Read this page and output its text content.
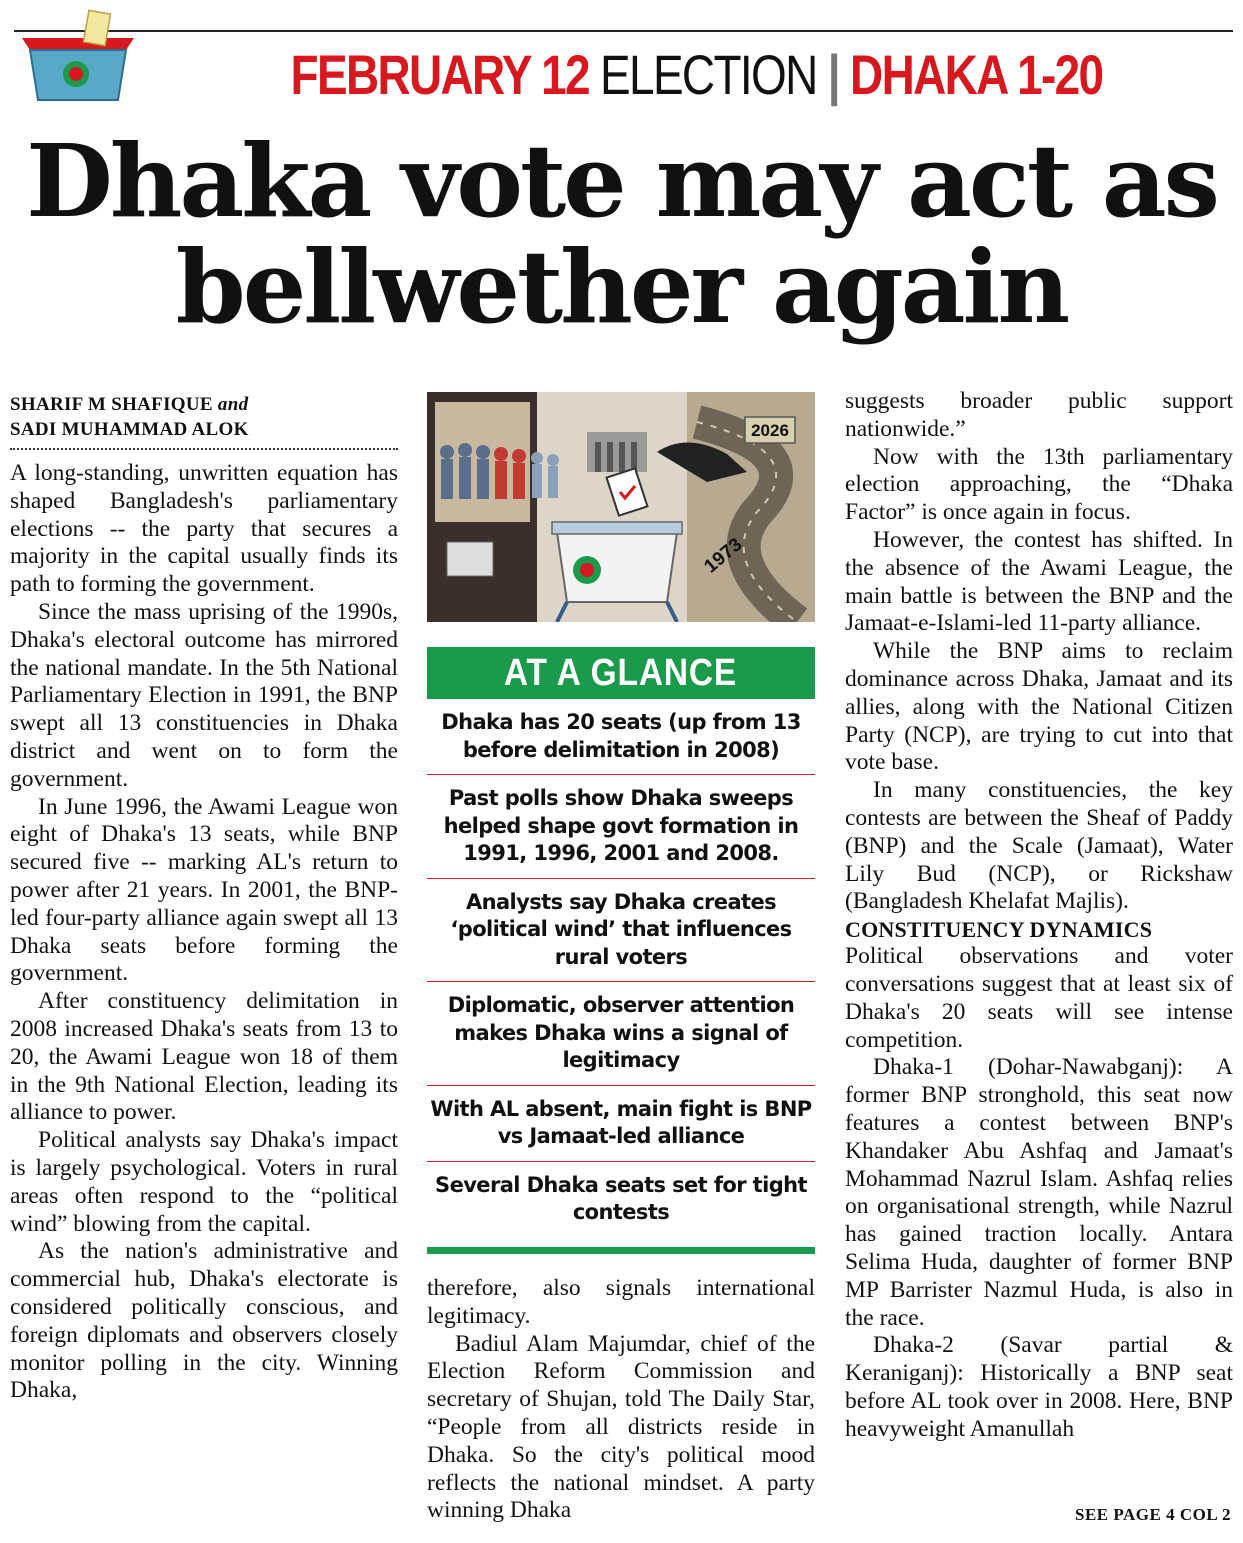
FEBRUARY 12 ELECTION | DHAKA 1-20
Dhaka vote may act as
bellwether again
SHARIF M SHAFIQUE and
SADI MUHAMMAD ALOK

A long-standing, unwritten equation has shaped Bangladesh's parliamentary elections -- the party that secures a majority in the capital usually finds its path to forming the government.

Since the mass uprising of the 1990s, Dhaka's electoral outcome has mirrored the national mandate. In the 5th National Parliamentary Election in 1991, the BNP swept all 13 constituencies in Dhaka district and went on to form the government.

In June 1996, the Awami League won eight of Dhaka's 13 seats, while BNP secured five -- marking AL's return to power after 21 years. In 2001, the BNP-led four-party alliance again swept all 13 Dhaka seats before forming the government.

After constituency delimitation in 2008 increased Dhaka's seats from 13 to 20, the Awami League won 18 of them in the 9th National Election, leading its alliance to power.

Political analysts say Dhaka's impact is largely psychological. Voters in rural areas often respond to the “political wind” blowing from the capital.

As the nation's administrative and commercial hub, Dhaka's electorate is considered politically conscious, and foreign diplomats and observers closely monitor polling in the city. Winning Dhaka,

2026
1973
AT A GLANCE
Dhaka has 20 seats (up from 13 before delimitation in 2008)
Past polls show Dhaka sweeps helped shape govt formation in 1991, 1996, 2001 and 2008.
Analysts say Dhaka creates ‘political wind’ that influences rural voters
Diplomatic, observer attention makes Dhaka wins a signal of legitimacy
With AL absent, main fight is BNP vs Jamaat-led alliance
Several Dhaka seats set for tight contests

therefore, also signals international legitimacy.

Badiul Alam Majumdar, chief of the Election Reform Commission and secretary of Shujan, told The Daily Star, “People from all districts reside in Dhaka. So the city's political mood reflects the national mindset. A party winning Dhaka

suggests broader public support nationwide.”

Now with the 13th parliamentary election approaching, the “Dhaka Factor” is once again in focus.

However, the contest has shifted. In the absence of the Awami League, the main battle is between the BNP and the Jamaat-e-Islami-led 11-party alliance.

While the BNP aims to reclaim dominance across Dhaka, Jamaat and its allies, along with the National Citizen Party (NCP), are trying to cut into that vote base.

In many constituencies, the key contests are between the Sheaf of Paddy (BNP) and the Scale (Jamaat), Water Lily Bud (NCP), or Rickshaw (Bangladesh Khelafat Majlis).

CONSTITUENCY DYNAMICS

Political observations and voter conversations suggest that at least six of Dhaka's 20 seats will see intense competition.

Dhaka-1 (Dohar-Nawabganj): A former BNP stronghold, this seat now features a contest between BNP's Khandaker Abu Ashfaq and Jamaat's Mohammad Nazrul Islam. Ashfaq relies on organisational strength, while Nazrul has gained traction locally. Antara Selima Huda, daughter of former BNP MP Barrister Nazmul Huda, is also in the race.

Dhaka-2 (Savar partial & Keraniganj): Historically a BNP seat before AL took over in 2008. Here, BNP heavyweight Amanullah

SEE PAGE 4 COL 2
